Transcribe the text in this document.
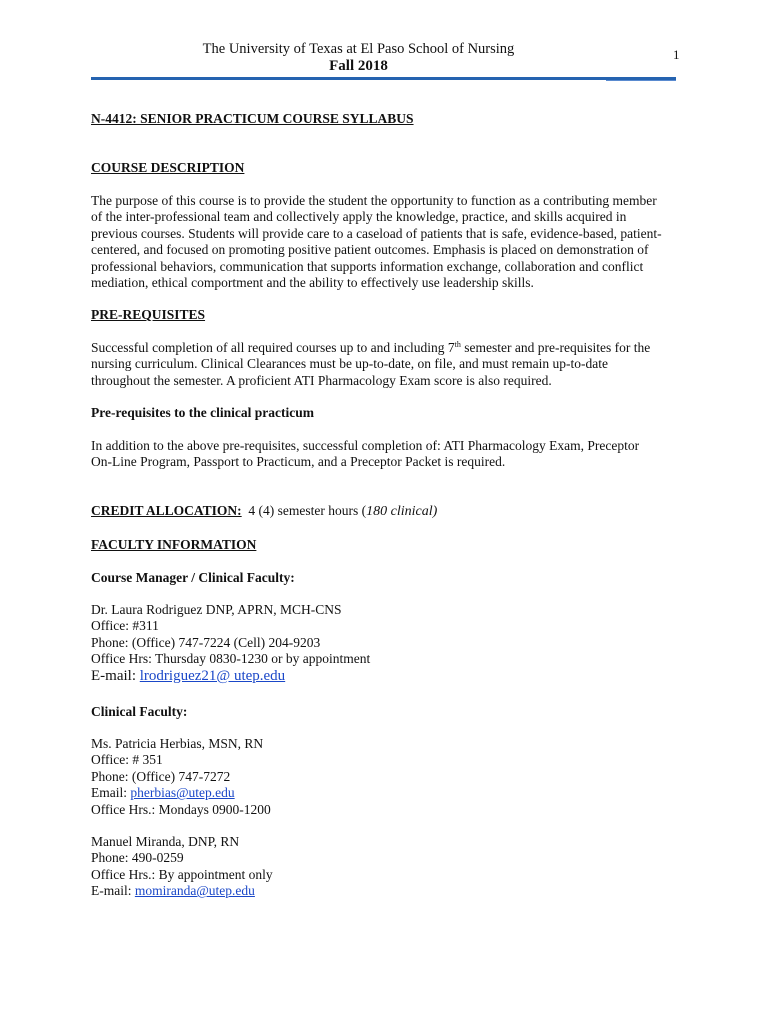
The University of Texas at El Paso School of Nursing
Fall 2018
1
N-4412: SENIOR PRACTICUM COURSE SYLLABUS
COURSE DESCRIPTION
The purpose of this course is to provide the student the opportunity to function as a contributing member
of the inter-professional team and collectively apply the knowledge, practice, and skills acquired in
previous courses. Students will provide care to a caseload of patients that is safe, evidence-based, patient-
centered, and focused on promoting positive patient outcomes. Emphasis is placed on demonstration of
professional behaviors, communication that supports information exchange, collaboration and conflict
mediation, ethical comportment and the ability to effectively use leadership skills.
PRE-REQUISITES
Successful completion of all required courses up to and including 7th semester and pre-requisites for the
nursing curriculum. Clinical Clearances must be up-to-date, on file, and must remain up-to-date
throughout the semester. A proficient ATI Pharmacology Exam score is also required.
Pre-requisites to the clinical practicum
In addition to the above pre-requisites, successful completion of: ATI Pharmacology Exam, Preceptor
On-Line Program, Passport to Practicum, and a Preceptor Packet is required.
CREDIT ALLOCATION:  4 (4) semester hours (180 clinical)
FACULTY INFORMATION
Course Manager / Clinical Faculty:
Dr. Laura Rodriguez DNP, APRN, MCH-CNS
Office: #311
Phone: (Office) 747-7224 (Cell) 204-9203
Office Hrs: Thursday 0830-1230 or by appointment
E-mail: lrodriguez21@ utep.edu
Clinical Faculty:
Ms. Patricia Herbias, MSN, RN
Office: # 351
Phone: (Office) 747-7272
Email: pherbias@utep.edu
Office Hrs.: Mondays 0900-1200
Manuel Miranda, DNP, RN
Phone: 490-0259
Office Hrs.: By appointment only
E-mail: momiranda@utep.edu
